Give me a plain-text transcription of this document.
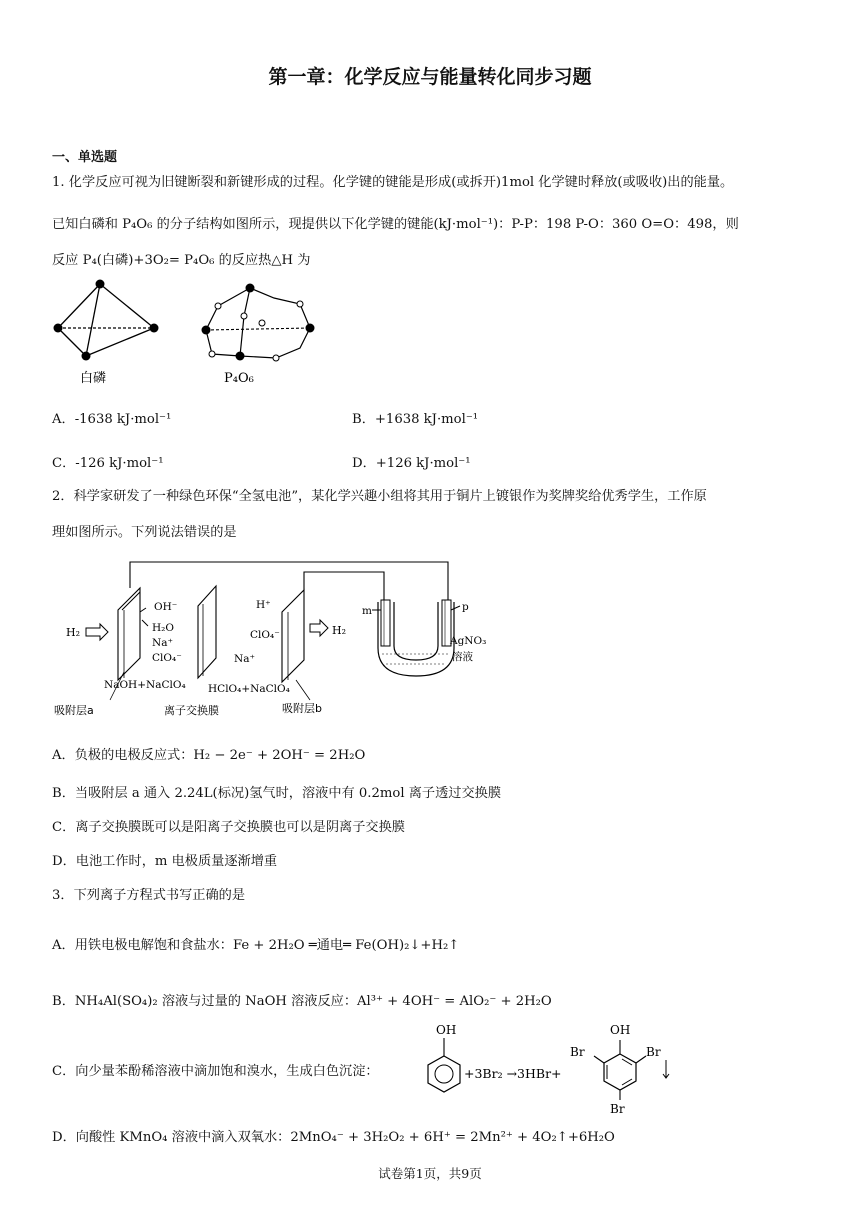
第一章：化学反应与能量转化同步习题
一、单选题
1. 化学反应可视为旧键断裂和新键形成的过程。化学键的键能是形成(或拆开)1mol 化学键时释放(或吸收)出的能量。
已知白磷和 P₄O₆ 的分子结构如图所示，现提供以下化学键的键能(kJ·mol⁻¹)：P-P：198 P-O：360 O=O：498，则
反应 P₄(白磷)+3O₂= P₄O₆ 的反应热△H 为
白磷	P₄O₆
A．-1638 kJ·mol⁻¹	B．+1638 kJ·mol⁻¹
C．-126 kJ·mol⁻¹	D．+126 kJ·mol⁻¹
2．科学家研发了一种绿色环保“全氢电池”，某化学兴趣小组将其用于铜片上镀银作为奖牌奖给优秀学生，工作原
理如图所示。下列说法错误的是
H₂
OH⁻
H₂O
Na⁺
ClO₄⁻
NaOH+NaClO₄
Na⁺
HClO₄+NaClO₄
H⁺
ClO₄⁻	H₂
m	p
AgNO₃
溶液
吸附层a	离子交换膜	吸附层b
A．负极的电极反应式：H₂ − 2e⁻ + 2OH⁻ = 2H₂O
B．当吸附层 a 通入 2.24L(标况)氢气时，溶液中有 0.2mol 离子透过交换膜
C．离子交换膜既可以是阳离子交换膜也可以是阴离子交换膜
D．电池工作时，m 电极质量逐渐增重
3．下列离子方程式书写正确的是
A．用铁电极电解饱和食盐水：Fe + 2H₂O ═通电═ Fe(OH)₂↓+H₂↑
B．NH₄Al(SO₄)₂ 溶液与过量的 NaOH 溶液反应：Al³⁺ + 4OH⁻ = AlO₂⁻ + 2H₂O
C．向少量苯酚稀溶液中滴加饱和溴水，生成白色沉淀：
OH
+3Br₂ →3HBr+
OH
Br	Br
Br
D．向酸性 KMnO₄ 溶液中滴入双氧水：2MnO₄⁻ + 3H₂O₂ + 6H⁺ = 2Mn²⁺ + 4O₂↑+6H₂O
试卷第1页，共9页
